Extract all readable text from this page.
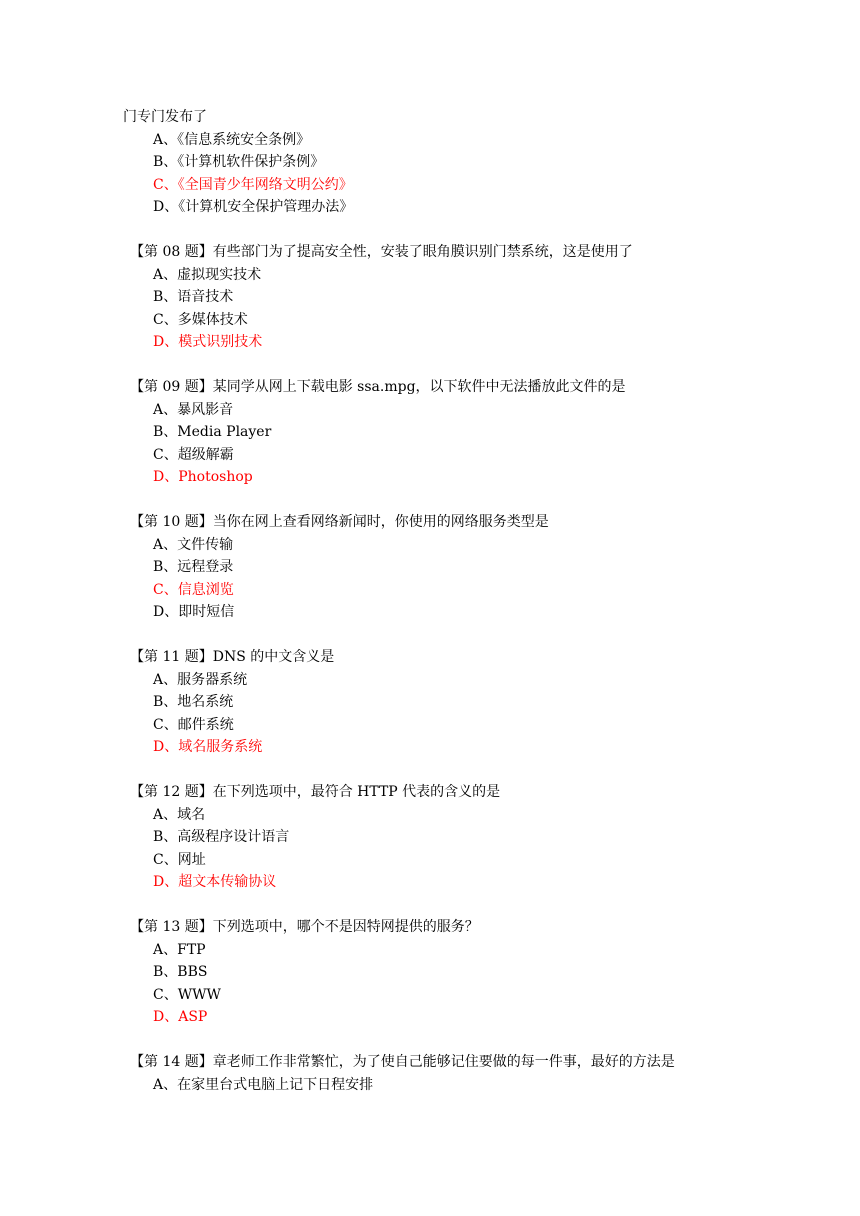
门专门发布了
A、《信息系统安全条例》
B、《计算机软件保护条例》
C、《全国青少年网络文明公约》
D、《计算机安全保护管理办法》
【第 08 题】有些部门为了提高安全性，安装了眼角膜识别门禁系统，这是使用了
A、虚拟现实技术
B、语音技术
C、多媒体技术
D、模式识别技术
【第 09 题】某同学从网上下载电影 ssa.mpg，以下软件中无法播放此文件的是
A、暴风影音
B、Media Player
C、超级解霸
D、Photoshop
【第 10 题】当你在网上查看网络新闻时，你使用的网络服务类型是
A、文件传输
B、远程登录
C、信息浏览
D、即时短信
【第 11 题】DNS 的中文含义是
A、服务器系统
B、地名系统
C、邮件系统
D、域名服务系统
【第 12 题】在下列选项中，最符合 HTTP 代表的含义的是
A、域名
B、高级程序设计语言
C、网址
D、超文本传输协议
【第 13 题】下列选项中，哪个不是因特网提供的服务？
A、FTP
B、BBS
C、WWW
D、ASP
【第 14 题】章老师工作非常繁忙，为了使自己能够记住要做的每一件事，最好的方法是
A、在家里台式电脑上记下日程安排
